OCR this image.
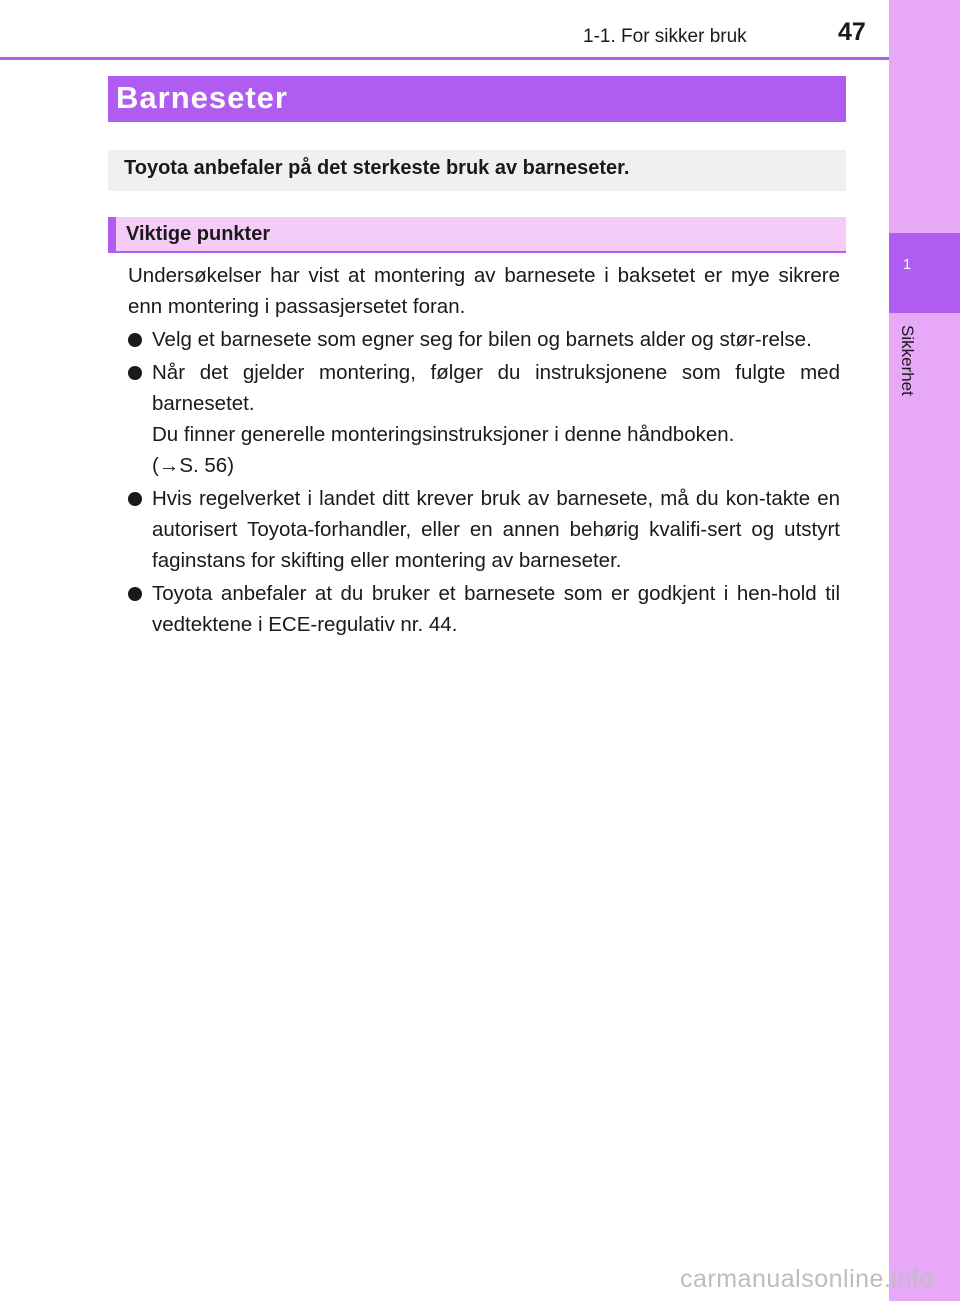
1
Sikkerhet
1-1. For sikker bruk	47
Barneseter
Toyota anbefaler på det sterkeste bruk av barneseter.
Viktige punkter

Undersøkelser har vist at montering av barnesete i baksetet er mye sikrere enn montering i passasjersetet foran.

Velg et barnesete som egner seg for bilen og barnets alder og stør-relse.
Når det gjelder montering, følger du instruksjonene som fulgte med barnesetet.
Du finner generelle monteringsinstruksjoner i denne håndboken.
(→S. 56)
Hvis regelverket i landet ditt krever bruk av barnesete, må du kon-takte en autorisert Toyota-forhandler, eller en annen behørig kvalifi-sert og utstyrt faginstans for skifting eller montering av barneseter.
Toyota anbefaler at du bruker et barnesete som er godkjent i hen-hold til vedtektene i ECE-regulativ nr. 44.
carmanualsonline.info
